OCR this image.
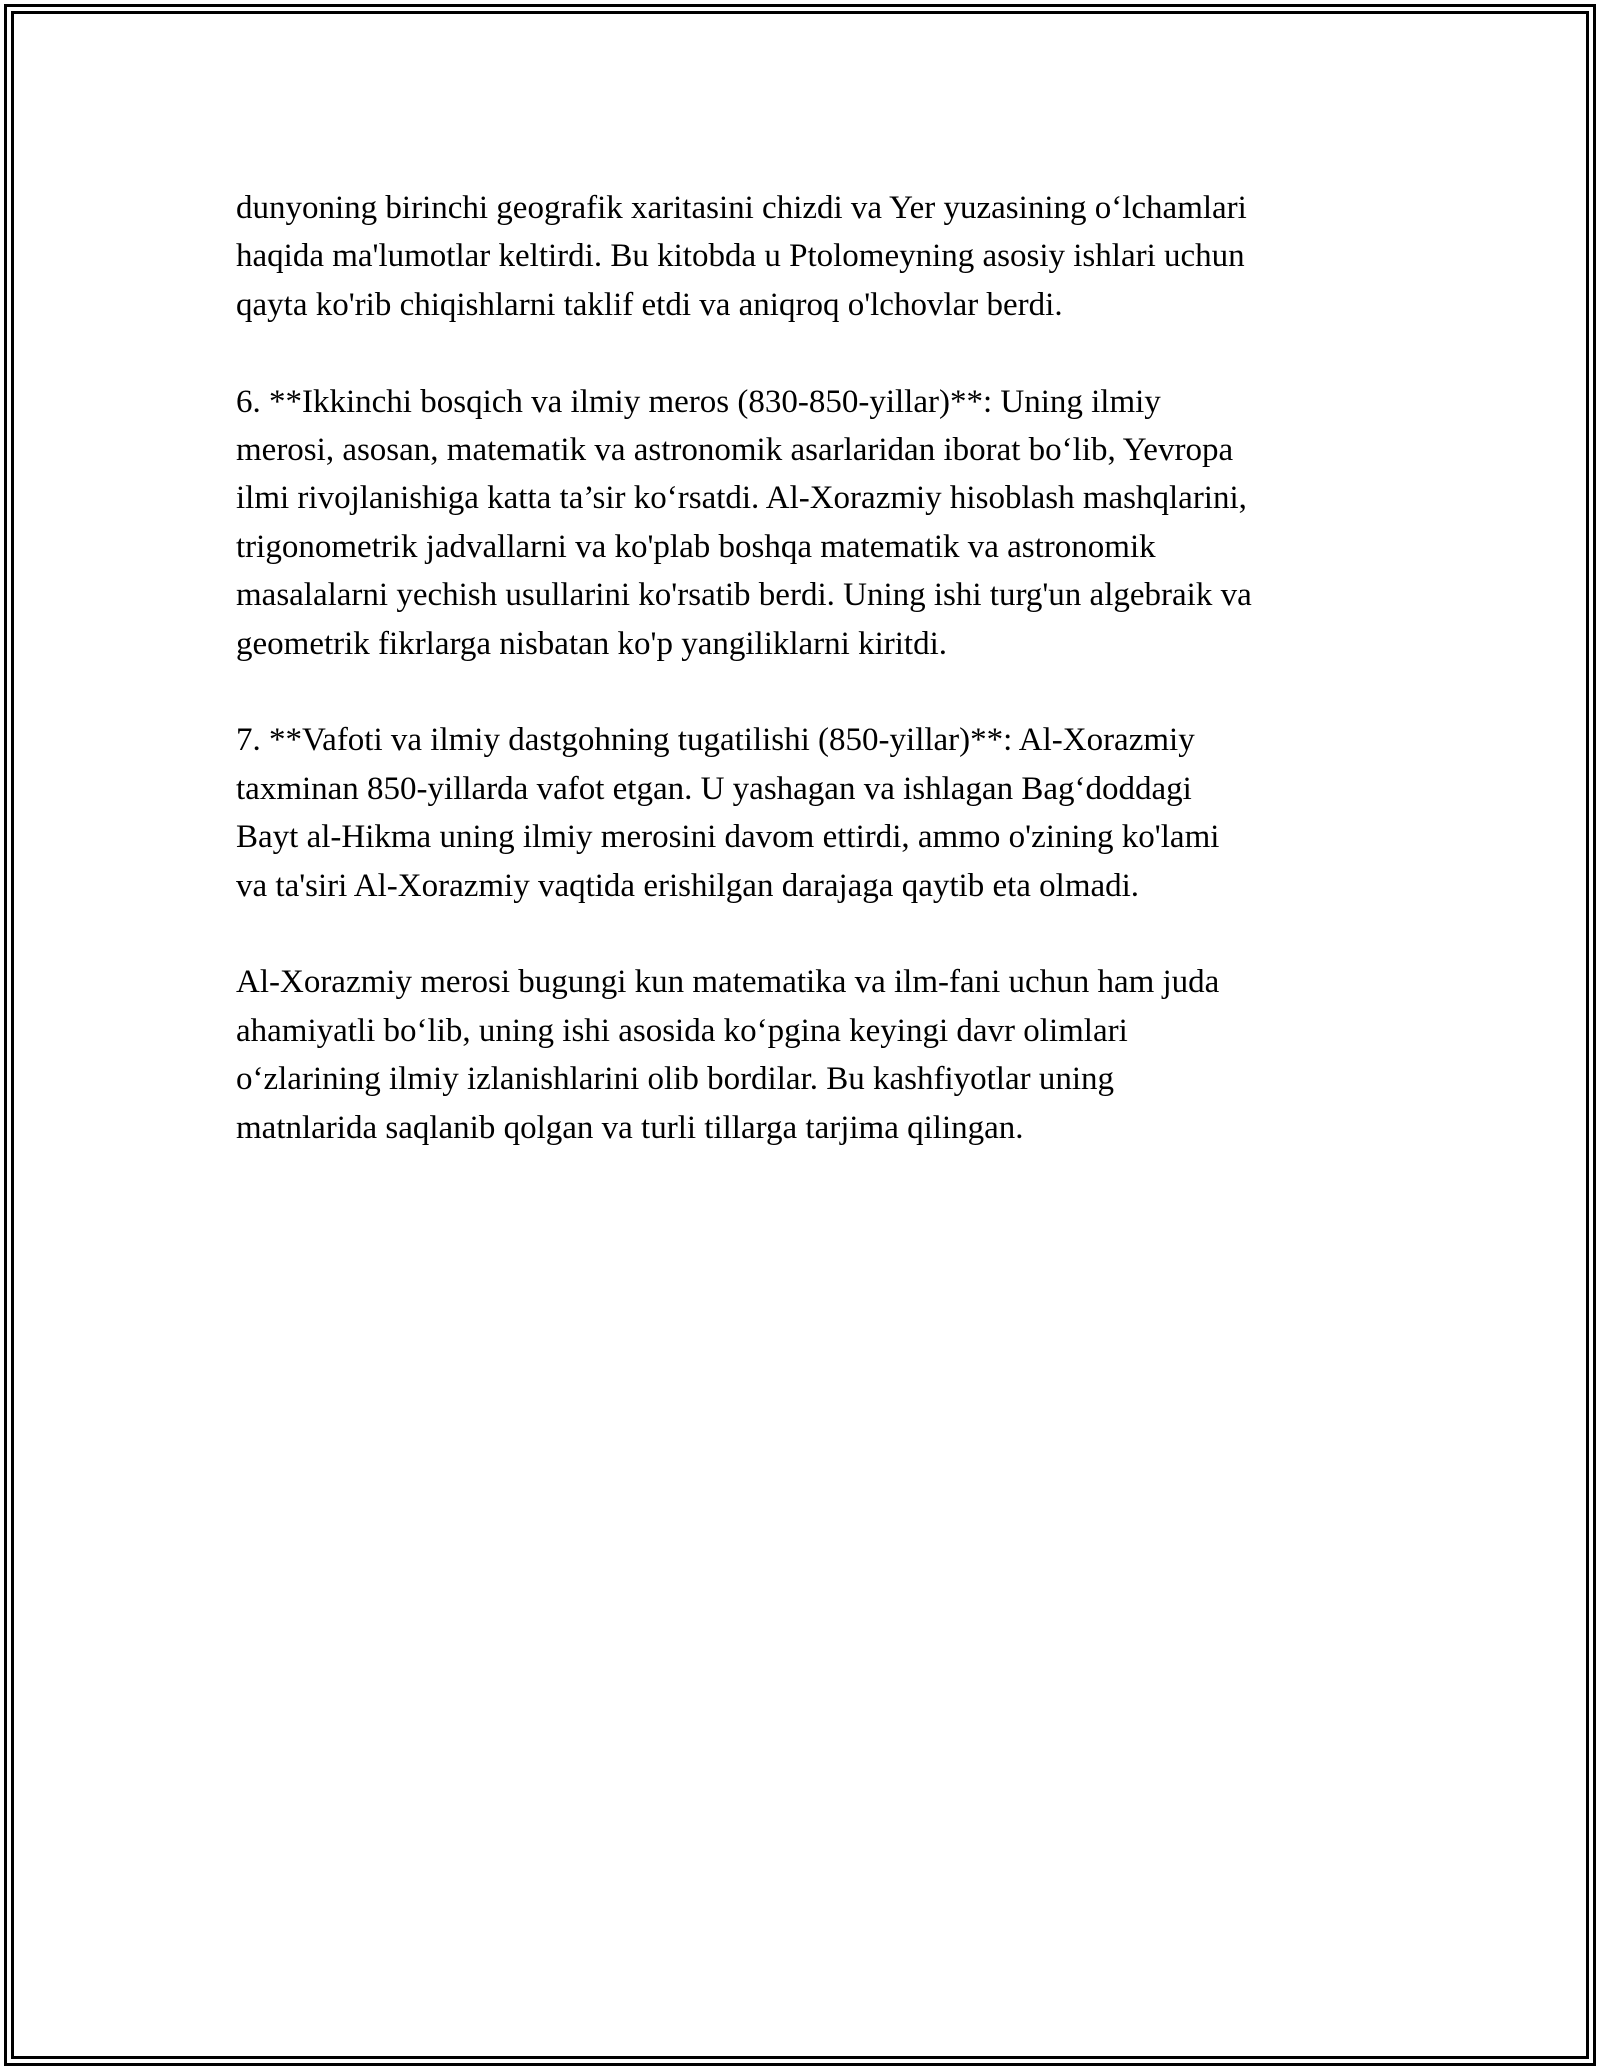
dunyoning birinchi geografik xaritasini chizdi va Yer yuzasining o‘lchamlari
haqida ma'lumotlar keltirdi. Bu kitobda u Ptolomeyning asosiy ishlari uchun
qayta ko'rib chiqishlarni taklif etdi va aniqroq o'lchovlar berdi.

6. **Ikkinchi bosqich va ilmiy meros (830-850-yillar)**: Uning ilmiy
merosi, asosan, matematik va astronomik asarlaridan iborat bo‘lib, Yevropa
ilmi rivojlanishiga katta ta’sir ko‘rsatdi. Al-Xorazmiy hisoblash mashqlarini,
trigonometrik jadvallarni va ko'plab boshqa matematik va astronomik
masalalarni yechish usullarini ko'rsatib berdi. Uning ishi turg'un algebraik va
geometrik fikrlarga nisbatan ko'p yangiliklarni kiritdi.

7. **Vafoti va ilmiy dastgohning tugatilishi (850-yillar)**: Al-Xorazmiy
taxminan 850-yillarda vafot etgan. U yashagan va ishlagan Bag‘doddagi
Bayt al-Hikma uning ilmiy merosini davom ettirdi, ammo o'zining ko'lami
va ta'siri Al-Xorazmiy vaqtida erishilgan darajaga qaytib eta olmadi.

Al-Xorazmiy merosi bugungi kun matematika va ilm-fani uchun ham juda
ahamiyatli bo‘lib, uning ishi asosida ko‘pgina keyingi davr olimlari
o‘zlarining ilmiy izlanishlarini olib bordilar. Bu kashfiyotlar uning
matnlarida saqlanib qolgan va turli tillarga tarjima qilingan.
